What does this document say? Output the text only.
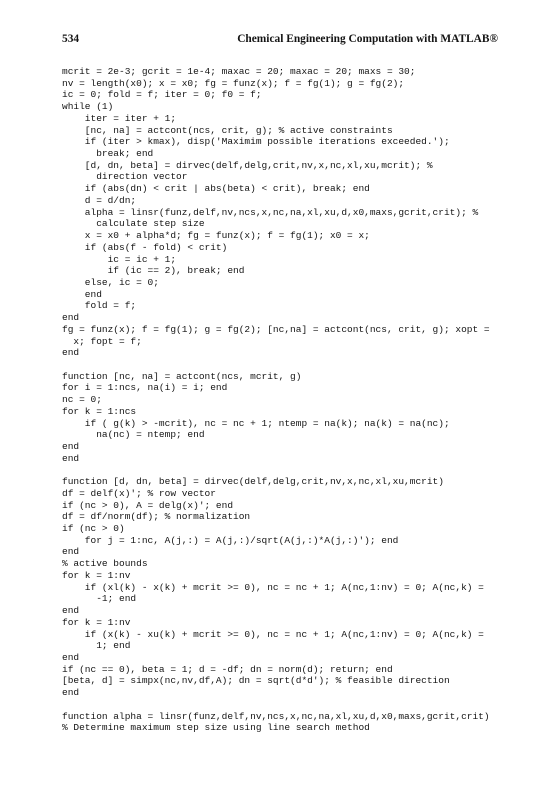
534	Chemical Engineering Computation with MATLAB®
mcrit = 2e-3; gcrit = 1e-4; maxac = 20; maxac = 20; maxs = 30;
nv = length(x0); x = x0; fg = funz(x); f = fg(1); g = fg(2);
ic = 0; fold = f; iter = 0; f0 = f;
while (1)
iter = iter + 1;
[nc, na] = actcont(ncs, crit, g); % active constraints
if (iter > kmax), disp('Maximim possible iterations exceeded.');
break; end
[d, dn, beta] = dirvec(delf,delg,crit,nv,x,nc,xl,xu,mcrit); %
direction vector
if (abs(dn) < crit | abs(beta) < crit), break; end
d = d/dn;
alpha = linsr(funz,delf,nv,ncs,x,nc,na,xl,xu,d,x0,maxs,gcrit,crit); %
calculate step size
x = x0 + alpha*d; fg = funz(x); f = fg(1); x0 = x;
if (abs(f - fold) < crit)
ic = ic + 1;
if (ic == 2), break; end
else, ic = 0;
end
fold = f;
end
fg = funz(x); f = fg(1); g = fg(2); [nc,na] = actcont(ncs, crit, g); xopt =
x; fopt = f;
end
function [nc, na] = actcont(ncs, mcrit, g)
for i = 1:ncs, na(i) = i; end
nc = 0;
for k = 1:ncs
if ( g(k) > -mcrit), nc = nc + 1; ntemp = na(k); na(k) = na(nc);
na(nc) = ntemp; end
end
end
function [d, dn, beta] = dirvec(delf,delg,crit,nv,x,nc,xl,xu,mcrit)
df = delf(x)'; % row vector
if (nc > 0), A = delg(x)'; end
df = df/norm(df); % normalization
if (nc > 0)
for j = 1:nc, A(j,:) = A(j,:)/sqrt(A(j,:)*A(j,:)'); end
end
% active bounds
for k = 1:nv
if (xl(k) - x(k) + mcrit >= 0), nc = nc + 1; A(nc,1:nv) = 0; A(nc,k) =
-1; end
end
for k = 1:nv
if (x(k) - xu(k) + mcrit >= 0), nc = nc + 1; A(nc,1:nv) = 0; A(nc,k) =
1; end
end
if (nc == 0), beta = 1; d = -df; dn = norm(d); return; end
[beta, d] = simpx(nc,nv,df,A); dn = sqrt(d*d'); % feasible direction
end
function alpha = linsr(funz,delf,nv,ncs,x,nc,na,xl,xu,d,x0,maxs,gcrit,crit)
% Determine maximum step size using line search method
